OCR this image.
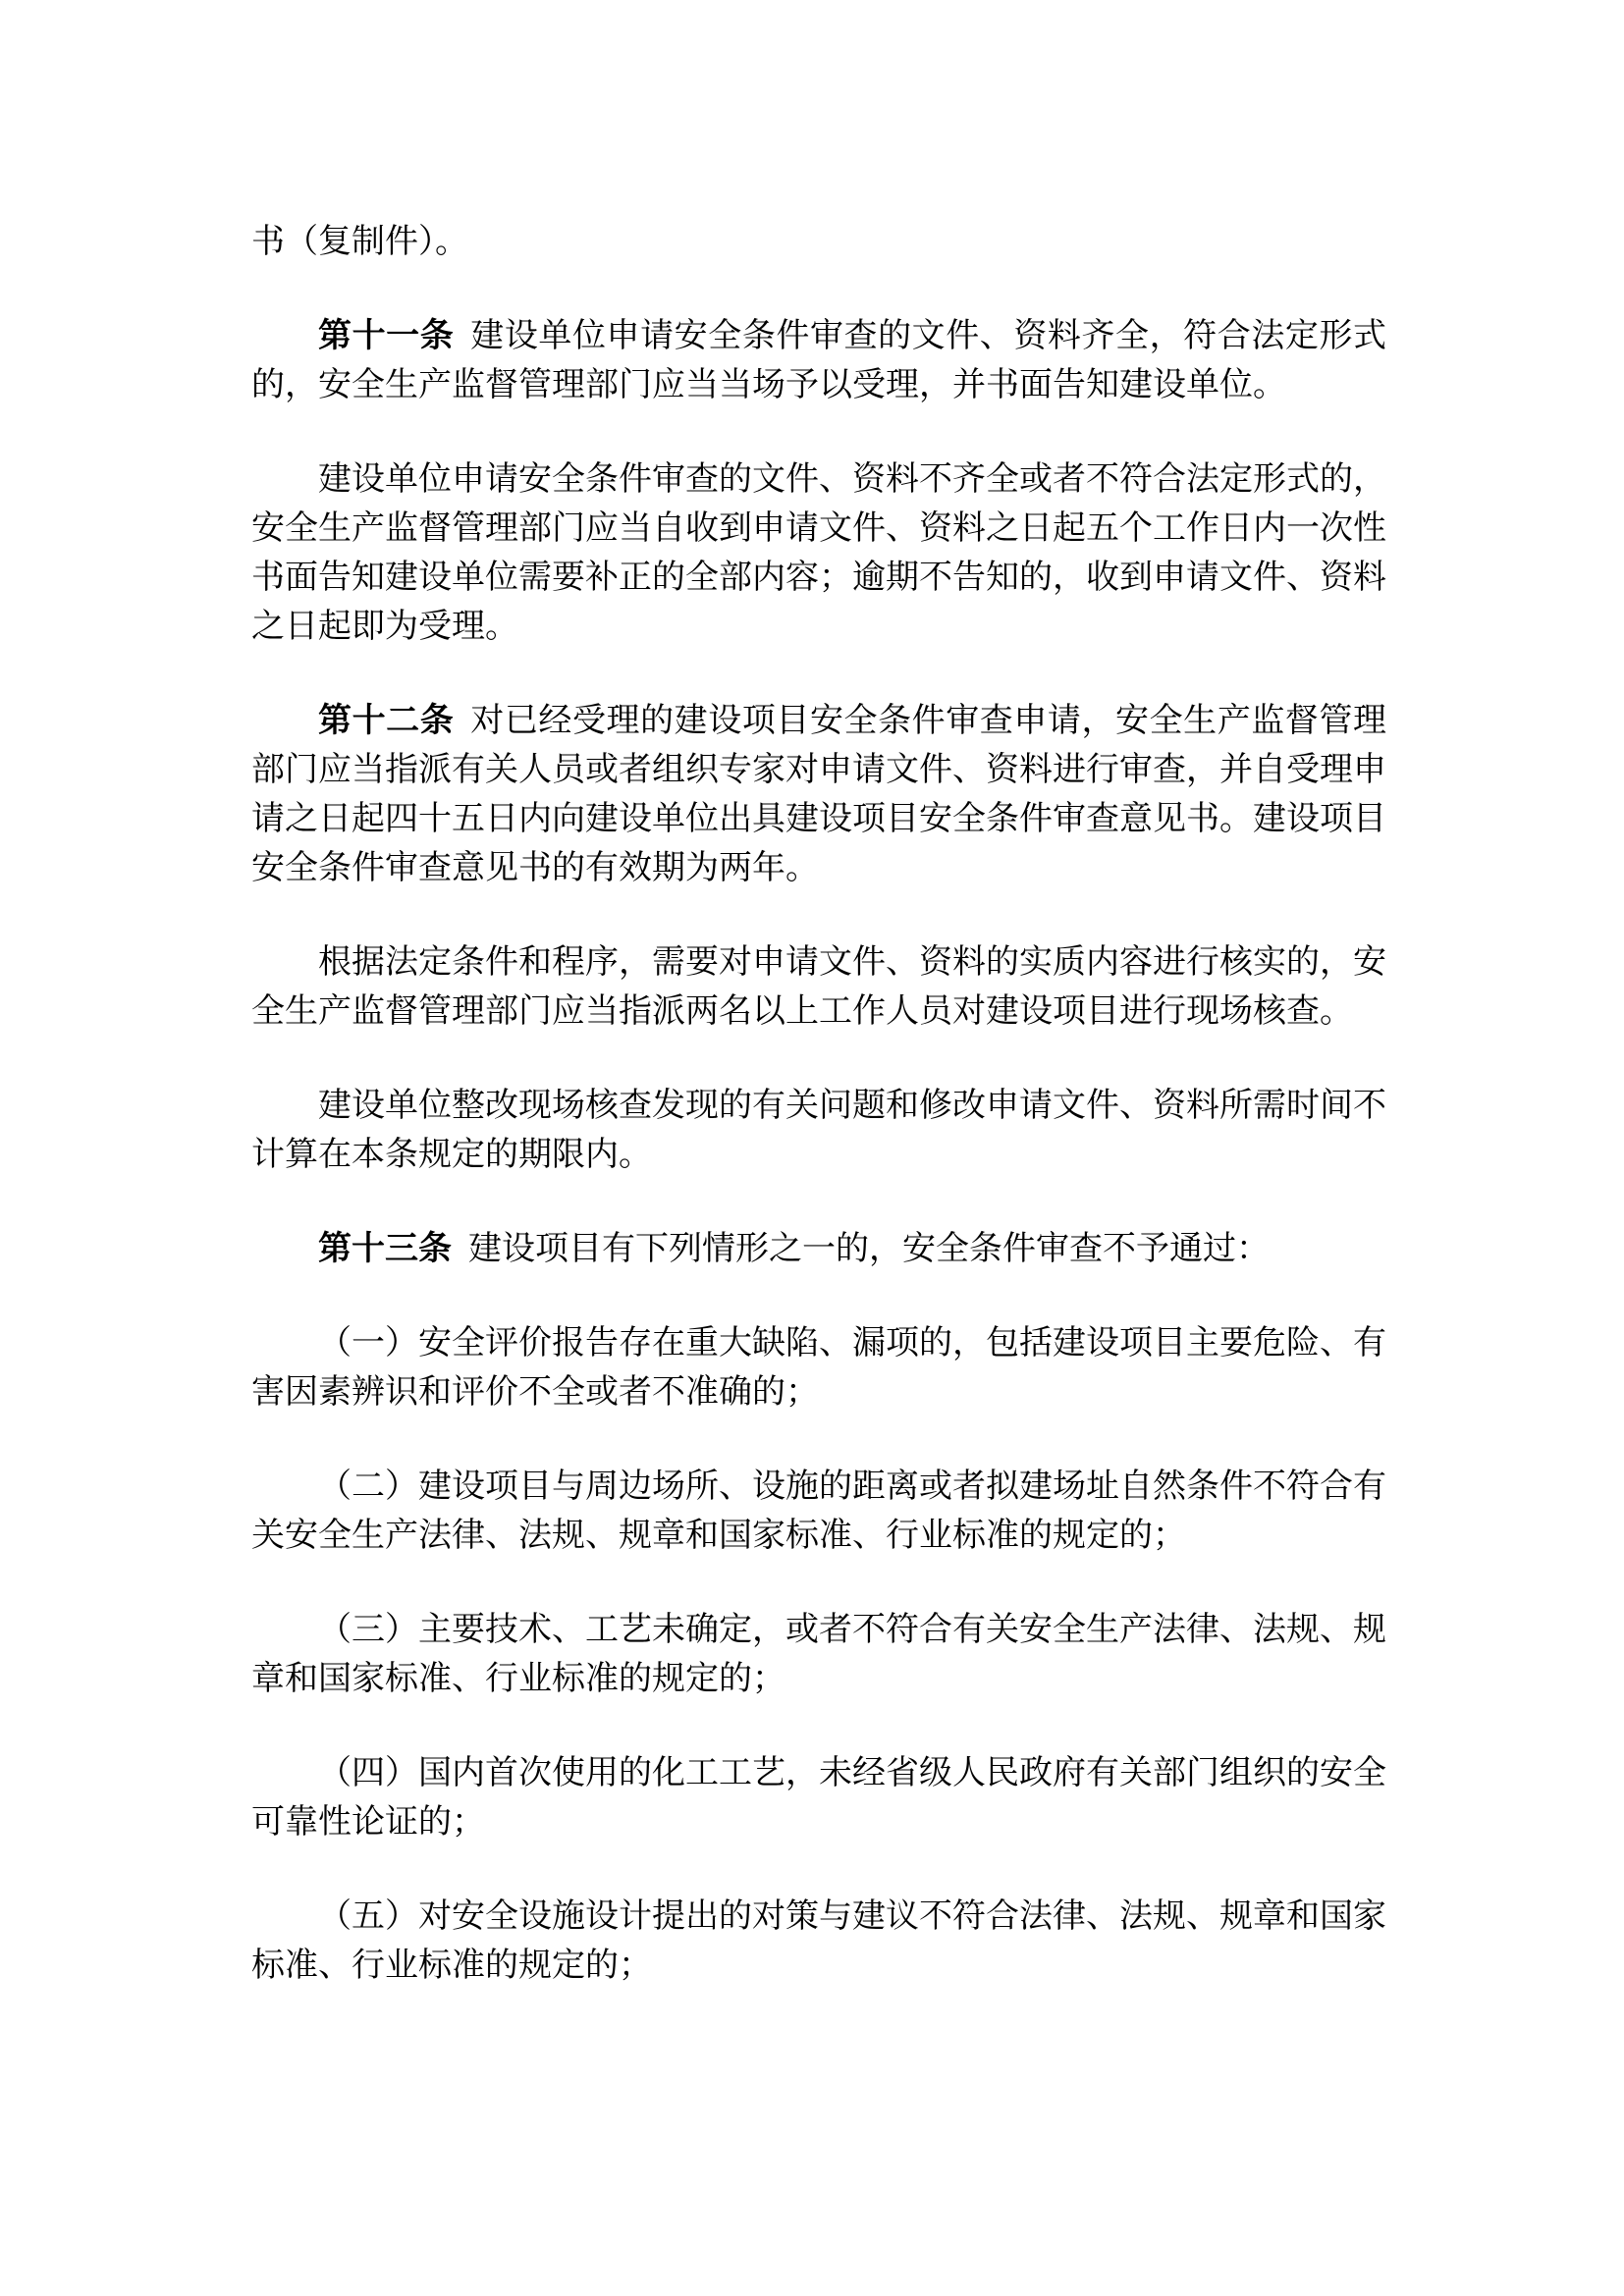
书（复制件）。

第十一条 建设单位申请安全条件审查的文件、资料齐全，符合法定形式的，安全生产监督管理部门应当当场予以受理，并书面告知建设单位。

建设单位申请安全条件审查的文件、资料不齐全或者不符合法定形式的，安全生产监督管理部门应当自收到申请文件、资料之日起五个工作日内一次性书面告知建设单位需要补正的全部内容；逾期不告知的，收到申请文件、资料之日起即为受理。

第十二条 对已经受理的建设项目安全条件审查申请，安全生产监督管理部门应当指派有关人员或者组织专家对申请文件、资料进行审查，并自受理申请之日起四十五日内向建设单位出具建设项目安全条件审查意见书。建设项目安全条件审查意见书的有效期为两年。

根据法定条件和程序，需要对申请文件、资料的实质内容进行核实的，安全生产监督管理部门应当指派两名以上工作人员对建设项目进行现场核查。

建设单位整改现场核查发现的有关问题和修改申请文件、资料所需时间不计算在本条规定的期限内。

第十三条 建设项目有下列情形之一的，安全条件审查不予通过：

（一）安全评价报告存在重大缺陷、漏项的，包括建设项目主要危险、有害因素辨识和评价不全或者不准确的；

（二）建设项目与周边场所、设施的距离或者拟建场址自然条件不符合有关安全生产法律、法规、规章和国家标准、行业标准的规定的；

（三）主要技术、工艺未确定，或者不符合有关安全生产法律、法规、规章和国家标准、行业标准的规定的；

（四）国内首次使用的化工工艺，未经省级人民政府有关部门组织的安全可靠性论证的；

（五）对安全设施设计提出的对策与建议不符合法律、法规、规章和国家标准、行业标准的规定的；
